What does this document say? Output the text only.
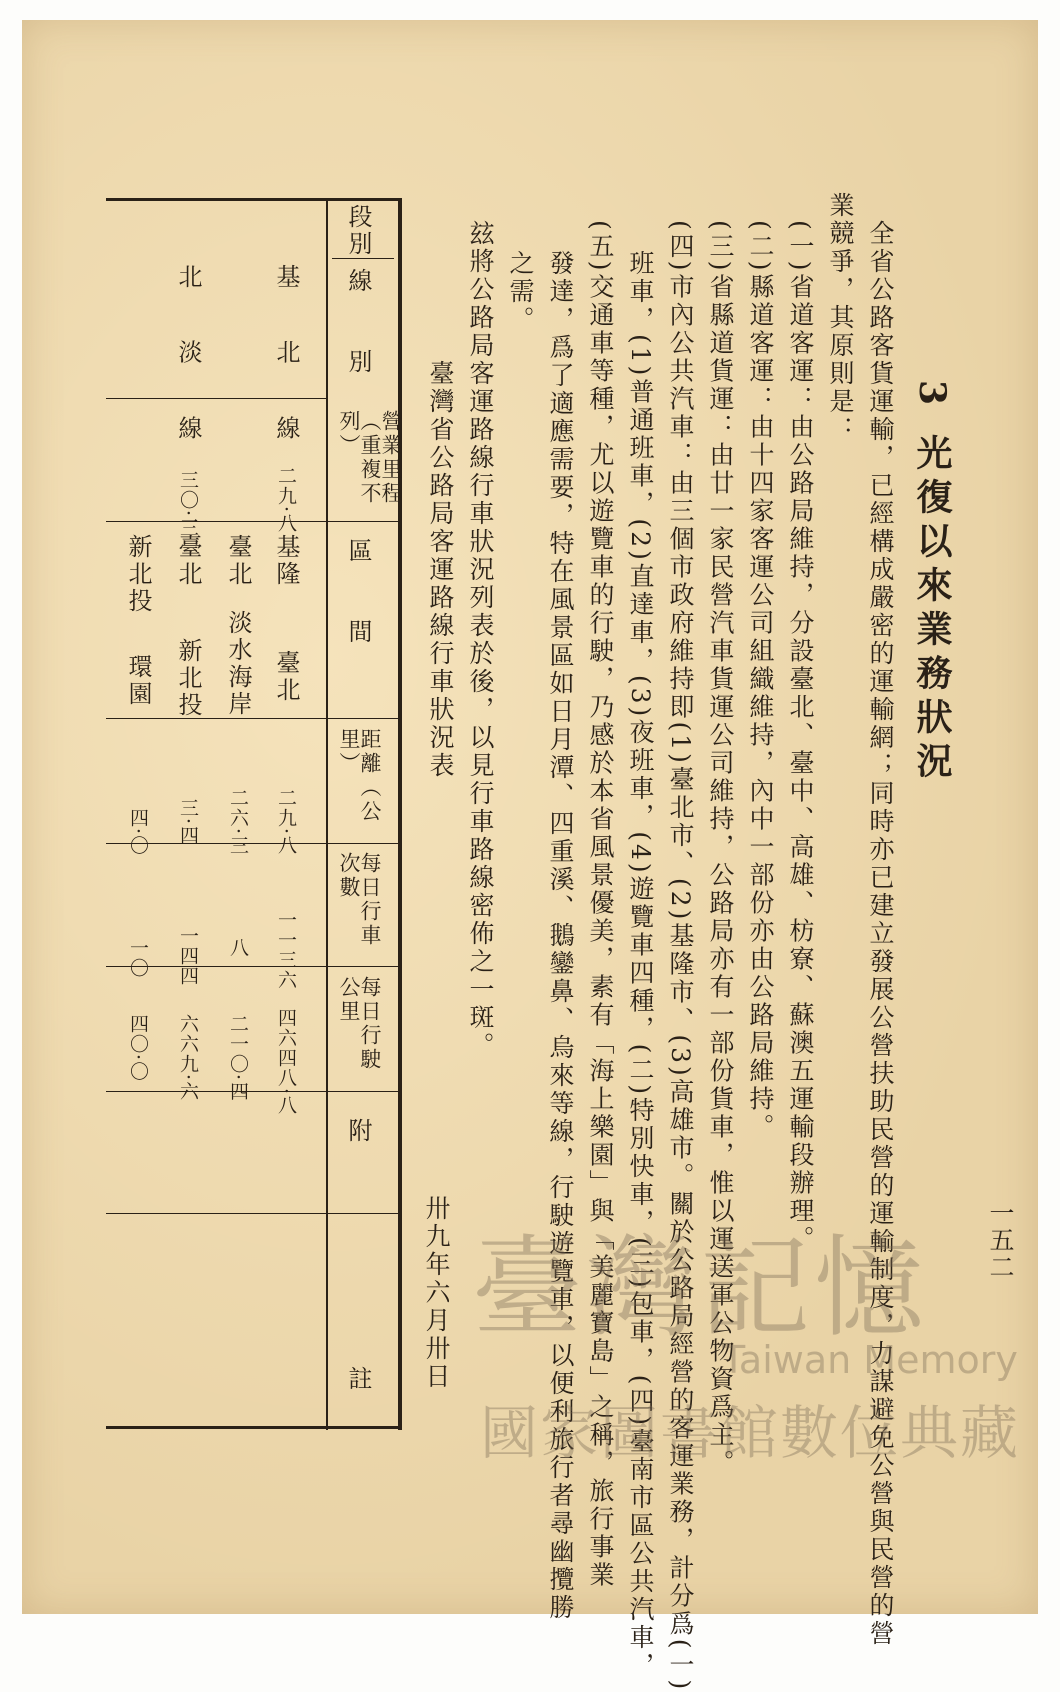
一五二
3 光復以來業務狀況
全省公路客貨運輸，已經構成嚴密的運輸網；同時亦已建立發展公營扶助民營的運輸制度，力謀避免公營與民營的營
業競爭，其原則是：
(一)省道客運：由公路局維持，分設臺北、臺中、高雄、枋寮、蘇澳五運輸段辦理。
(二)縣道客運：由十四家客運公司組織維持，內中一部份亦由公路局維持。
(三)省縣道貨運：由廿一家民營汽車貨運公司維持，公路局亦有一部份貨車，惟以運送軍公物資爲主。
(四)市內公共汽車：由三個市政府維持即(1)臺北市、(2)基隆市、(3)高雄市。關於公路局經營的客運業務，計分爲(一)
班車，(1)普通班車，(2)直達車，(3)夜班車，(4)遊覽車四種，(二)特別快車，(三)包車，(四)臺南市區公共汽車，
(五)交通車等種，尤以遊覽車的行駛，乃感於本省風景優美，素有「海上樂園」與「美麗寶島」之稱，旅行事業
發達，爲了適應需要，特在風景區如日月潭、四重溪、鵝鑾鼻、烏來等線，行駛遊覽車，以便利旅行者尋幽攬勝
之需。
玆將公路局客運路線行車狀況列表於後，以見行車路線密佈之一斑。
臺灣省公路局客運路線行車狀況表
卅九年六月卅日
段別
線　　別
營業里程（重複不列）
區　　間
距離（公里）
每日行車次數
每日行駛公里
附　　　註
基 北 線
二九·八
基隆
臺北
二九·八
一一三六
四六四八·八
臺北
淡水海岸
二六·三
八
二一〇·四
北 淡 線
三〇·三
臺北
新北投
三·四
一四四
六六九·六
新北投
環園
四·〇
一〇
四〇·〇
臺灣記憶
Taiwan Memory
國家圖書館數位典藏
